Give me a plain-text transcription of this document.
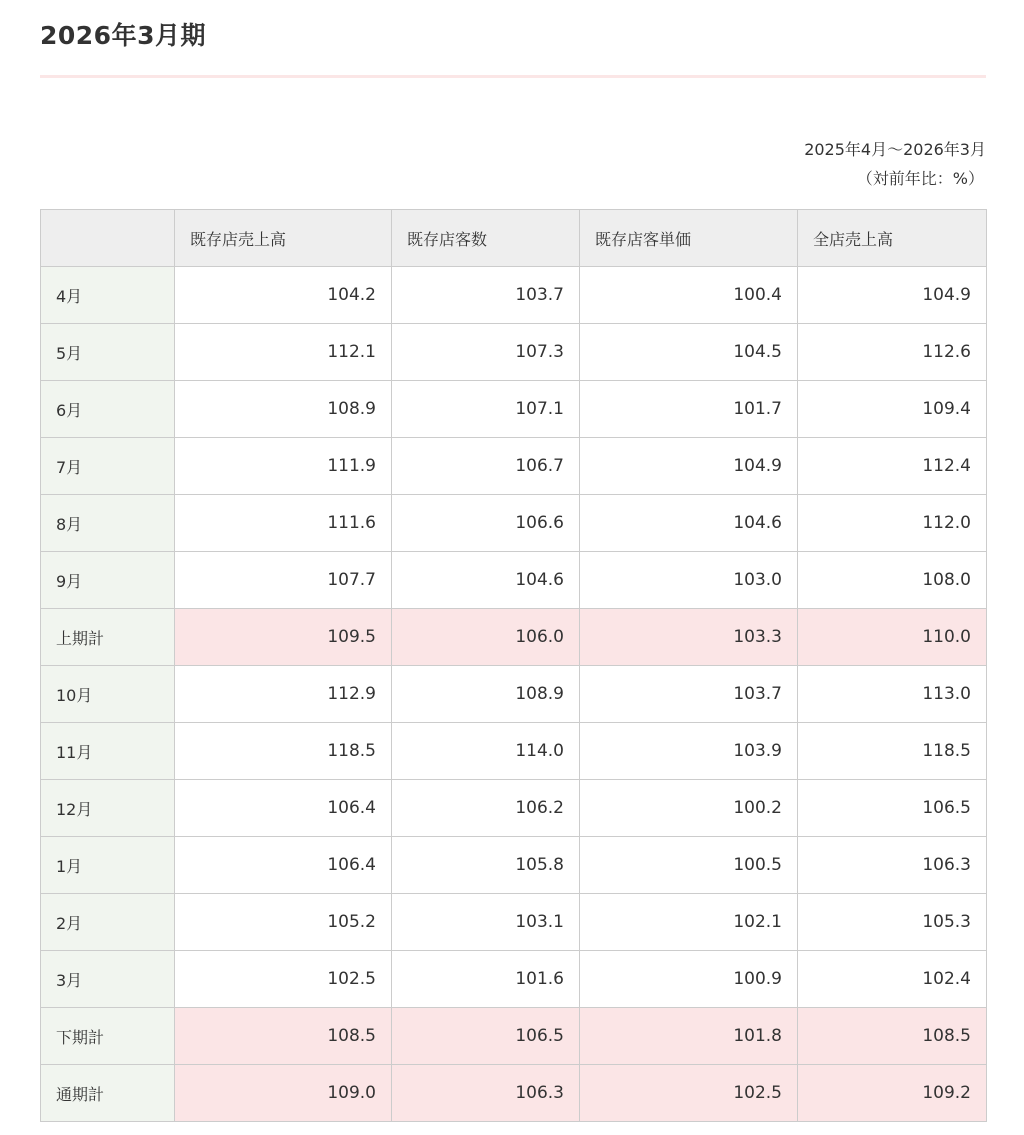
2026年3月期
2025年4月〜2026年3月
（対前年比：%）
	既存店売上高	既存店客数	既存店客単価	全店売上高
4月	104.2	103.7	100.4	104.9
5月	112.1	107.3	104.5	112.6
6月	108.9	107.1	101.7	109.4
7月	111.9	106.7	104.9	112.4
8月	111.6	106.6	104.6	112.0
9月	107.7	104.6	103.0	108.0
上期計	109.5	106.0	103.3	110.0
10月	112.9	108.9	103.7	113.0
11月	118.5	114.0	103.9	118.5
12月	106.4	106.2	100.2	106.5
1月	106.4	105.8	100.5	106.3
2月	105.2	103.1	102.1	105.3
3月	102.5	101.6	100.9	102.4
下期計	108.5	106.5	101.8	108.5
通期計	109.0	106.3	102.5	109.2
